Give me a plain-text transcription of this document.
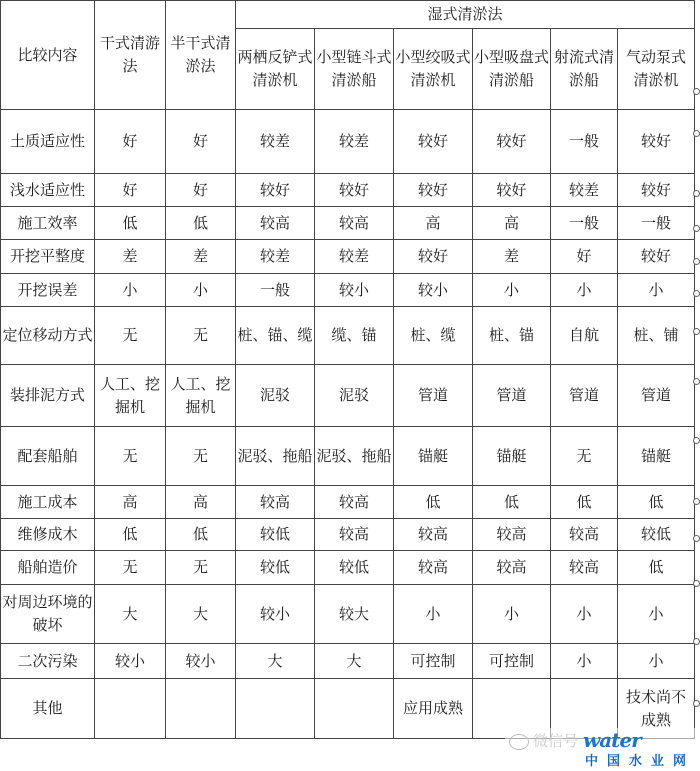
比较内容	干式清游法	半干式清淤法	湿式清淤法					
			两栖反铲式清淤机	小型链斗式清淤船	小型绞吸式清淤机	小型吸盘式清淤船	射流式清淤船	气动泵式清淤机
土质适应性	好	好	较差	较差	较好	较好	一般	较好
浅水适应性	好	好	较好	较好	较好	较好	较差	较好
施工效率	低	低	较高	较高	高	高	一般	一般
开挖平整度	差	差	较差	较差	较好	差	好	较好
开挖误差	小	小	一般	较小	较小	小	小	小
定位移动方式	无	无	桩、锚、缆	缆、锚	桩、缆	桩、锚	自航	桩、铺
装排泥方式	人工、挖掘机	人工、挖掘机	泥驳	泥驳	管道	管道	管道	管道
配套船舶	无	无	泥驳、拖船	泥驳、拖船	锚艇	锚艇	无	锚艇
施工成本	高	高	较高	较高	低	低	低	低
维修成木	低	低	较低	较高	较高	较高	较高	较低
船舶造价	无	无	较低	较低	较高	较高	较高	低
对周边环境的破坏	大	大	较小	较大	小	小	小	小
二次污染	较小	较小	大	大	可控制	可控制	小	小
其他					应用成熟			技术尚不成熟
微信号 water
中国水业网
